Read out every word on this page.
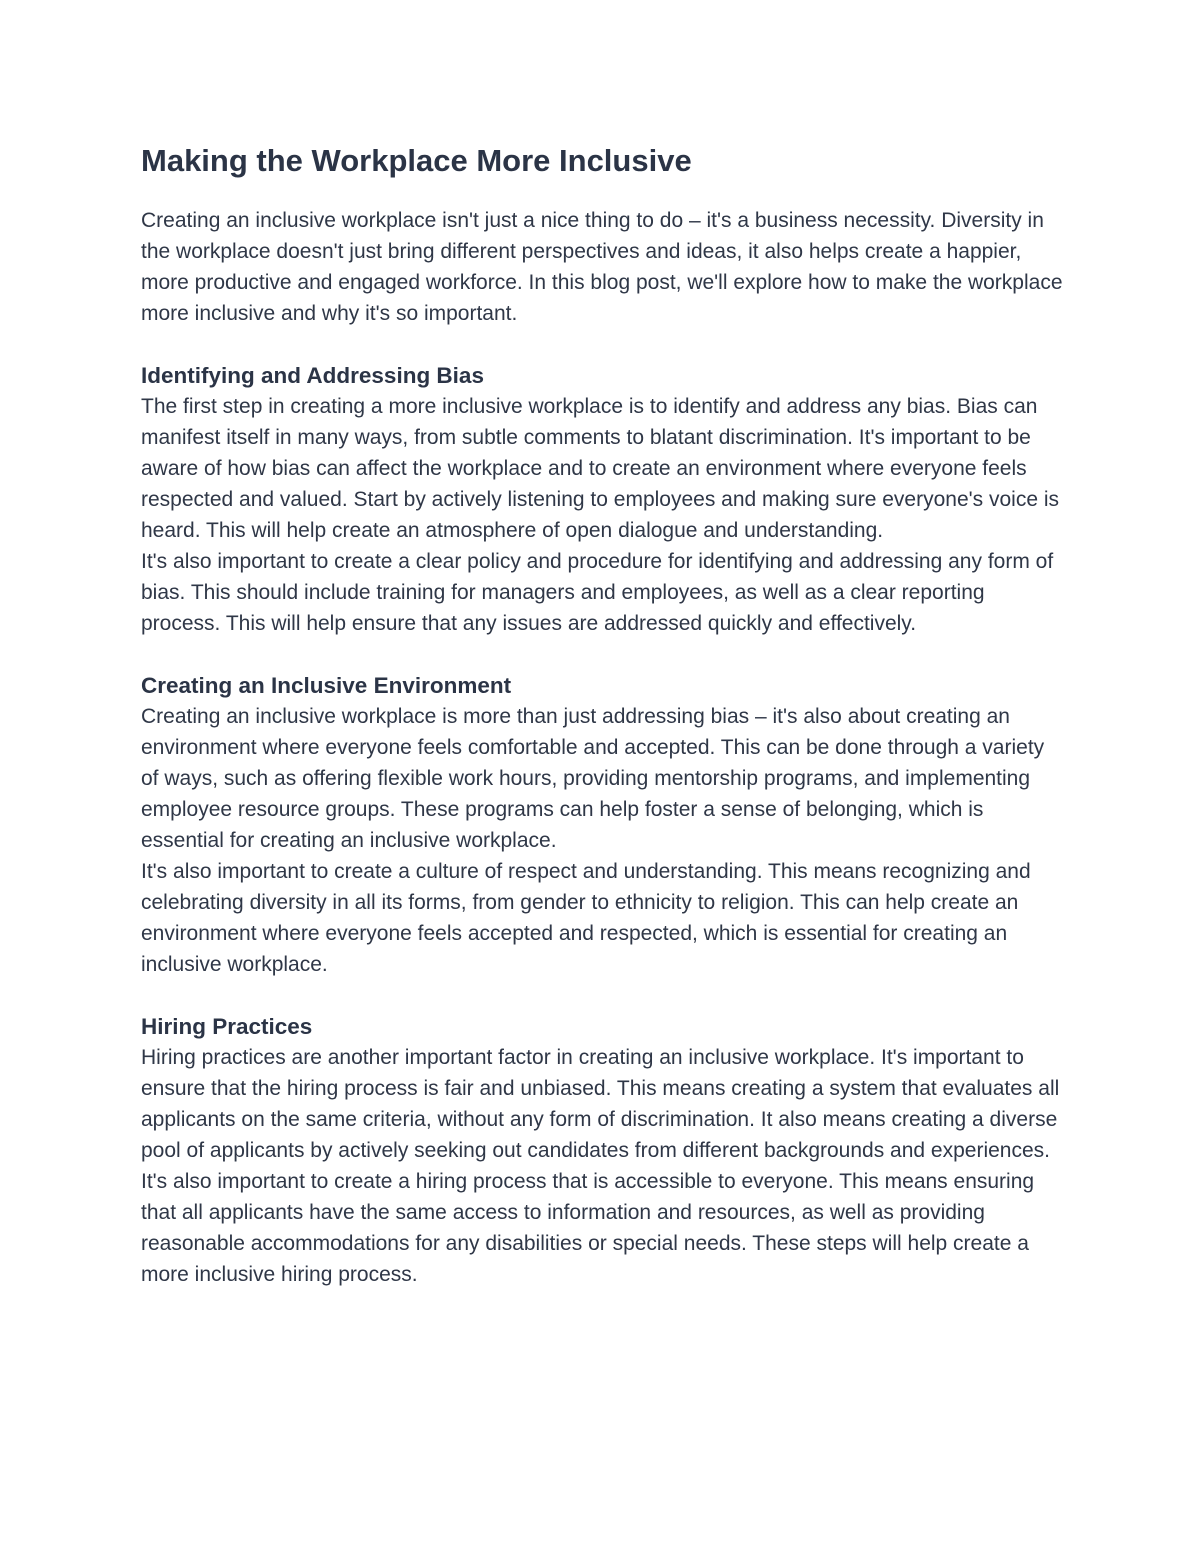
Making the Workplace More Inclusive

Creating an inclusive workplace isn't just a nice thing to do – it's a business necessity. Diversity in the workplace doesn't just bring different perspectives and ideas, it also helps create a happier, more productive and engaged workforce. In this blog post, we'll explore how to make the workplace more inclusive and why it's so important.

Identifying and Addressing Bias

The first step in creating a more inclusive workplace is to identify and address any bias. Bias can manifest itself in many ways, from subtle comments to blatant discrimination. It's important to be aware of how bias can affect the workplace and to create an environment where everyone feels respected and valued. Start by actively listening to employees and making sure everyone's voice is heard. This will help create an atmosphere of open dialogue and understanding.

It's also important to create a clear policy and procedure for identifying and addressing any form of bias. This should include training for managers and employees, as well as a clear reporting process. This will help ensure that any issues are addressed quickly and effectively.

Creating an Inclusive Environment

Creating an inclusive workplace is more than just addressing bias – it's also about creating an environment where everyone feels comfortable and accepted. This can be done through a variety of ways, such as offering flexible work hours, providing mentorship programs, and implementing employee resource groups. These programs can help foster a sense of belonging, which is essential for creating an inclusive workplace.

It's also important to create a culture of respect and understanding. This means recognizing and celebrating diversity in all its forms, from gender to ethnicity to religion. This can help create an environment where everyone feels accepted and respected, which is essential for creating an inclusive workplace.

Hiring Practices

Hiring practices are another important factor in creating an inclusive workplace. It's important to ensure that the hiring process is fair and unbiased. This means creating a system that evaluates all applicants on the same criteria, without any form of discrimination. It also means creating a diverse pool of applicants by actively seeking out candidates from different backgrounds and experiences.

It's also important to create a hiring process that is accessible to everyone. This means ensuring that all applicants have the same access to information and resources, as well as providing reasonable accommodations for any disabilities or special needs. These steps will help create a more inclusive hiring process.
